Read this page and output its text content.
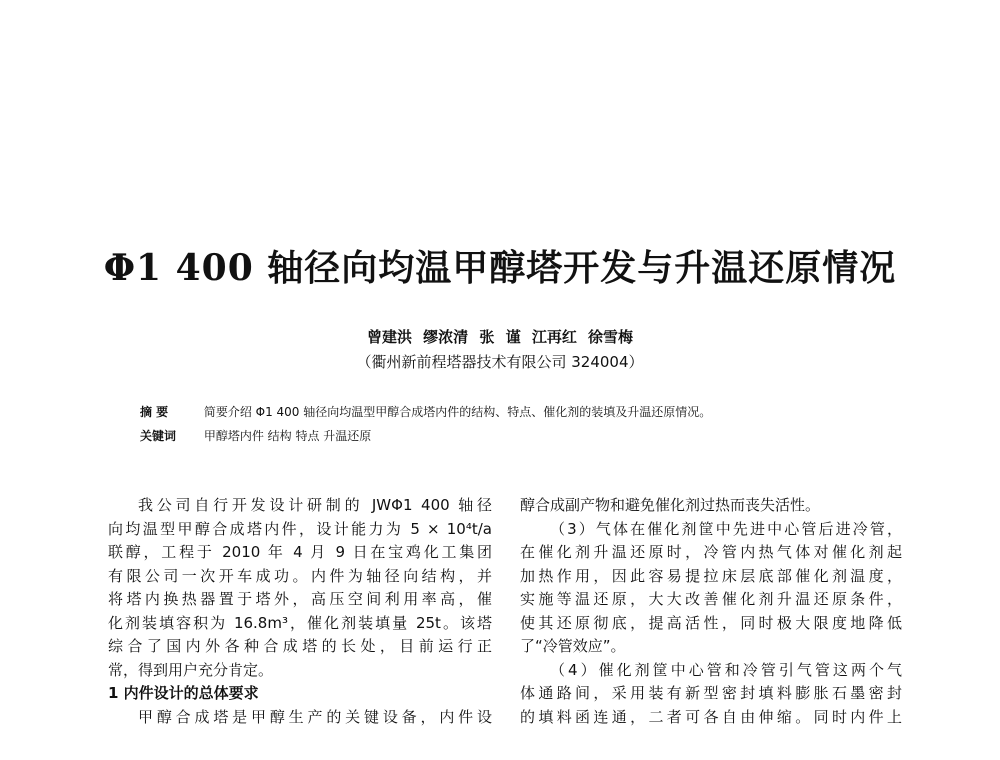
Φ1 400 轴径向均温甲醇塔开发与升温还原情况
曾建洪 缪浓清 张 谨 江再红 徐雪梅
（衢州新前程塔器技术有限公司 324004）
摘 要	简要介绍 Φ1 400 轴径向均温型甲醇合成塔内件的结构、特点、催化剂的装填及升温还原情况。
关键词 甲醇塔内件 结构 特点 升温还原
我公司自行开发设计研制的 JWΦ1 400 轴径
向均温型甲醇合成塔内件，设计能力为 5 × 10⁴t/a
联醇，工程于 2010 年 4 月 9 日在宝鸡化工集团
有限公司一次开车成功。内件为轴径向结构，并
将塔内换热器置于塔外，高压空间利用率高，催
化剂装填容积为 16.8m³，催化剂装填量 25t。该塔
综合了国内外各种合成塔的长处，目前运行正
常，得到用户充分肯定。
1 内件设计的总体要求
甲醇合成塔是甲醇生产的关键设备，内件设
醇合成副产物和避免催化剂过热而丧失活性。
（3）气体在催化剂筐中先进中心管后进冷管，
在催化剂升温还原时，冷管内热气体对催化剂起
加热作用，因此容易提拉床层底部催化剂温度，
实施等温还原，大大改善催化剂升温还原条件，
使其还原彻底，提高活性，同时极大限度地降低
了“冷管效应”。
（4）催化剂筐中心管和冷管引气管这两个气
体通路间，采用装有新型密封填料膨胀石墨密封
的填料函连通，二者可各自由伸缩。同时内件上
